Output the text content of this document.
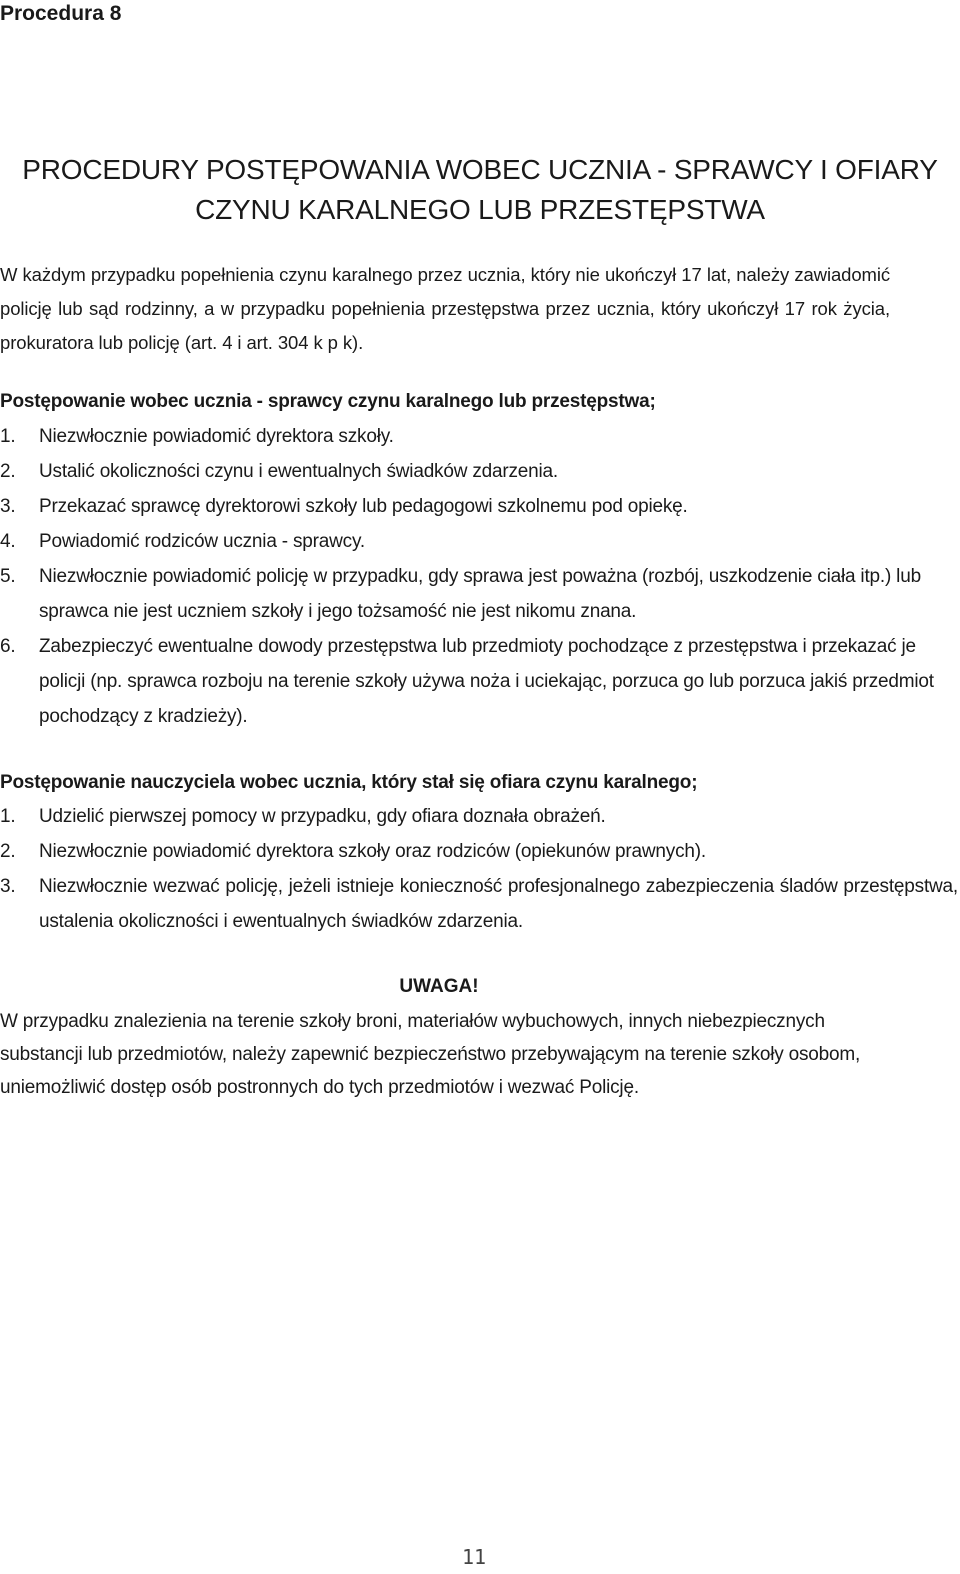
Procedura 8
PROCEDURY POSTĘPOWANIA WOBEC UCZNIA - SPRAWCY I OFIARY
CZYNU KARALNEGO LUB PRZESTĘPSTWA

W każdym przypadku popełnienia czynu karalnego przez ucznia, który nie ukończył 17 lat, należy zawiadomić policję lub sąd rodzinny, a w przypadku popełnienia przestępstwa przez ucznia, który ukończył 17 rok życia, prokuratora lub policję (art. 4 i art. 304 k p k).

Postępowanie wobec ucznia - sprawcy czynu karalnego lub przestępstwa;
1. Niezwłocznie powiadomić dyrektora szkoły.
2. Ustalić okoliczności czynu i ewentualnych świadków zdarzenia.
3. Przekazać sprawcę dyrektorowi szkoły lub pedagogowi szkolnemu pod opiekę.
4. Powiadomić rodziców ucznia - sprawcy.
5. Niezwłocznie powiadomić policję w przypadku, gdy sprawa jest poważna (rozbój, uszkodzenie ciała itp.) lub sprawca nie jest uczniem szkoły i jego tożsamość nie jest nikomu znana.
6. Zabezpieczyć ewentualne dowody przestępstwa lub przedmioty pochodzące z przestępstwa i przekazać je policji (np. sprawca rozboju na terenie szkoły używa noża i uciekając, porzuca go lub porzuca jakiś przedmiot pochodzący z kradzieży).
Postępowanie nauczyciela wobec ucznia, który stał się ofiara czynu karalnego;
1. Udzielić pierwszej pomocy w przypadku, gdy ofiara doznała obrażeń.
2. Niezwłocznie powiadomić dyrektora szkoły oraz rodziców (opiekunów prawnych).
3. Niezwłocznie wezwać policję, jeżeli istnieje konieczność profesjonalnego zabezpieczenia śladów przestępstwa, ustalenia okoliczności i ewentualnych świadków zdarzenia.
UWAGA!
W przypadku znalezienia na terenie szkoły broni, materiałów wybuchowych, innych niebezpiecznych
substancji lub przedmiotów, należy zapewnić bezpieczeństwo przebywającym na terenie szkoły osobom,
uniemożliwić dostęp osób postronnych do tych przedmiotów i wezwać Policję.
11
